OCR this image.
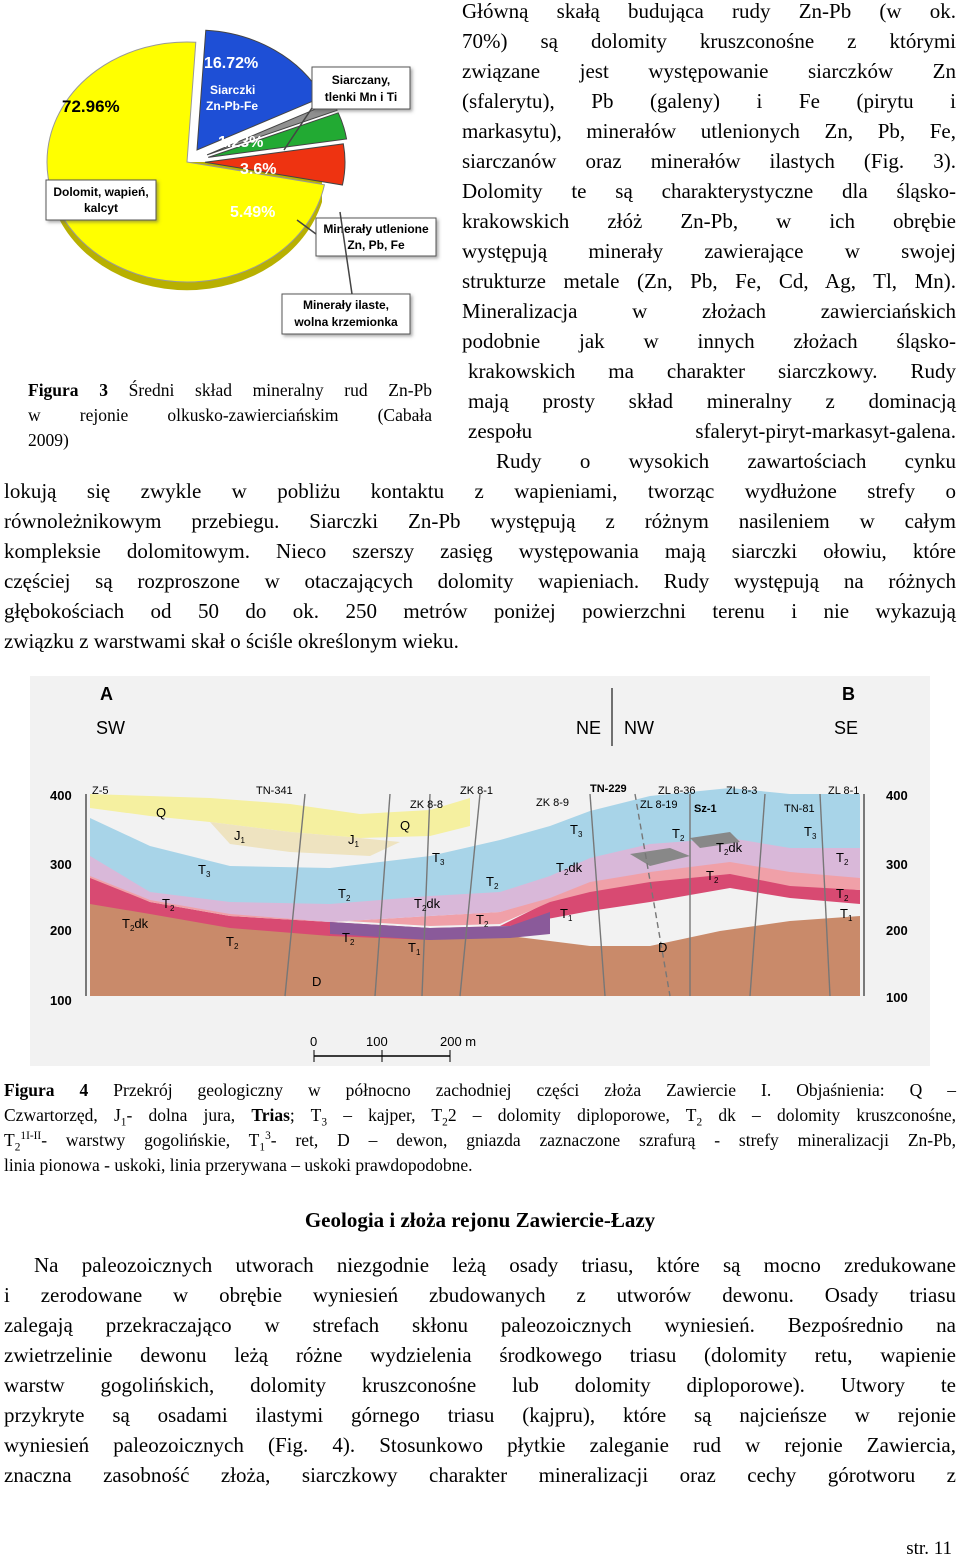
72.96%
16.72%
1.23%
3.6%
5.49%
Siarczki
Zn-Pb-Fe
Dolomit, wapień,
kalcyt
Siarczany,
tlenki Mn i Ti
Minerały utlenione
Zn, Pb, Fe
Minerały ilaste,
wolna krzemionka
Figura 3 Średni skład mineralny rud Zn-Pb
w rejonie olkusko-zawierciańskim (Cabała
2009)
Główną skałą budująca rudy Zn-Pb (w ok.
70%) są dolomity kruszconośne z którymi
związane jest występowanie siarczków Zn
(sfalerytu), Pb (galeny) i Fe (pirytu i
markasytu), minerałów utlenionych Zn, Pb, Fe,
siarczanów oraz minerałów ilastych (Fig. 3).
Dolomity te są charakterystyczne dla śląsko-
krakowskich złóż Zn-Pb, w ich obrębie
występują minerały zawierające w swojej
strukturze metale (Zn, Pb, Fe, Cd, Ag, Tl, Mn).
Mineralizacja w złożach zawierciańskich
podobnie jak w innych złożach śląsko-
krakowskich ma charakter siarczkowy. Rudy
mają prosty skład mineralny z dominacją
zespołu sfaleryt-piryt-markasyt-galena.
Rudy o wysokich zawartościach cynku
lokują się zwykle w pobliżu kontaktu z wapieniami, tworząc wydłużone strefy o
równoleżnikowym przebiegu. Siarczki Zn-Pb występują z różnym nasileniem w całym
kompleksie dolomitowym. Nieco szerszy zasięg występowania mają siarczki ołowiu, które
częściej są rozproszone w otaczających dolomity wapieniach. Rudy występują na różnych
głębokościach od 50 do ok. 250 metrów poniżej powierzchni terenu i nie wykazują
związku z warstwami skał o ściśle określonym wieku.
A	B
SW	NE NW	SE
400
300
200
100
400
300
200
100
Z-5	TN-341
ZK 8-8
ZK 8-1
ZK 8-9
TN-229	ZL 8-36
ZL 8-19 Sz-1
ZL 8-3
TN-81
ZL 8-1
Q
Q
$J_1$	$J_1$
$T_3$
$T_3$
$T_3$	$T_3$
$T_2$
$T_2$
$T_2$
$T_2$
$T_2$
$T_2dk$
$T_2dk$
$T_2dk$
$T_2dk$
$T_2$
$T_2$
$T_2$
$T_2$
$T_2$
$T_1$
$T_1$	$T_1$
D
D
0	100	200 m
Figura 4 Przekrój geologiczny w północno zachodniej części złoża Zawiercie I. Objaśnienia: Q –
Czwartorzęd, $J_1-$ dolna jura, Trias; $T_3$ – kajper, $T_22$ – dolomity diploporowe, $T_2$ dk – dolomity kruszconośne,
$T_2^{1I-II}-$ warstwy gogolińskie, $T_1^3-$ ret, D – dewon, gniazda zaznaczone szrafurą - strefy mineralizacji Zn-Pb,
linia pionowa - uskoki, linia przerywana – uskoki prawdopodobne.
Geologia i złoża rejonu Zawiercie-Łazy
Na paleozoicznych utworach niezgodnie leżą osady triasu, które są mocno zredukowane
i zerodowane w obrębie wyniesień zbudowanych z utworów dewonu. Osady triasu
zalegają przekraczająco w strefach skłonu paleozoicznych wyniesień. Bezpośrednio na
zwietrzelinie dewonu leżą różne wydzielenia środkowego triasu (dolomity retu, wapienie
warstw gogolińskich, dolomity kruszconośne lub dolomity diploporowe). Utwory te
przykryte są osadami ilastymi górnego triasu (kajpru), które są najcieńsze w rejonie
wyniesień paleozoicznych (Fig. 4). Stosunkowo płytkie zaleganie rud w rejonie Zawiercia,
znaczna zasobność złoża, siarczkowy charakter mineralizacji oraz cechy górotworu z
str. 11
